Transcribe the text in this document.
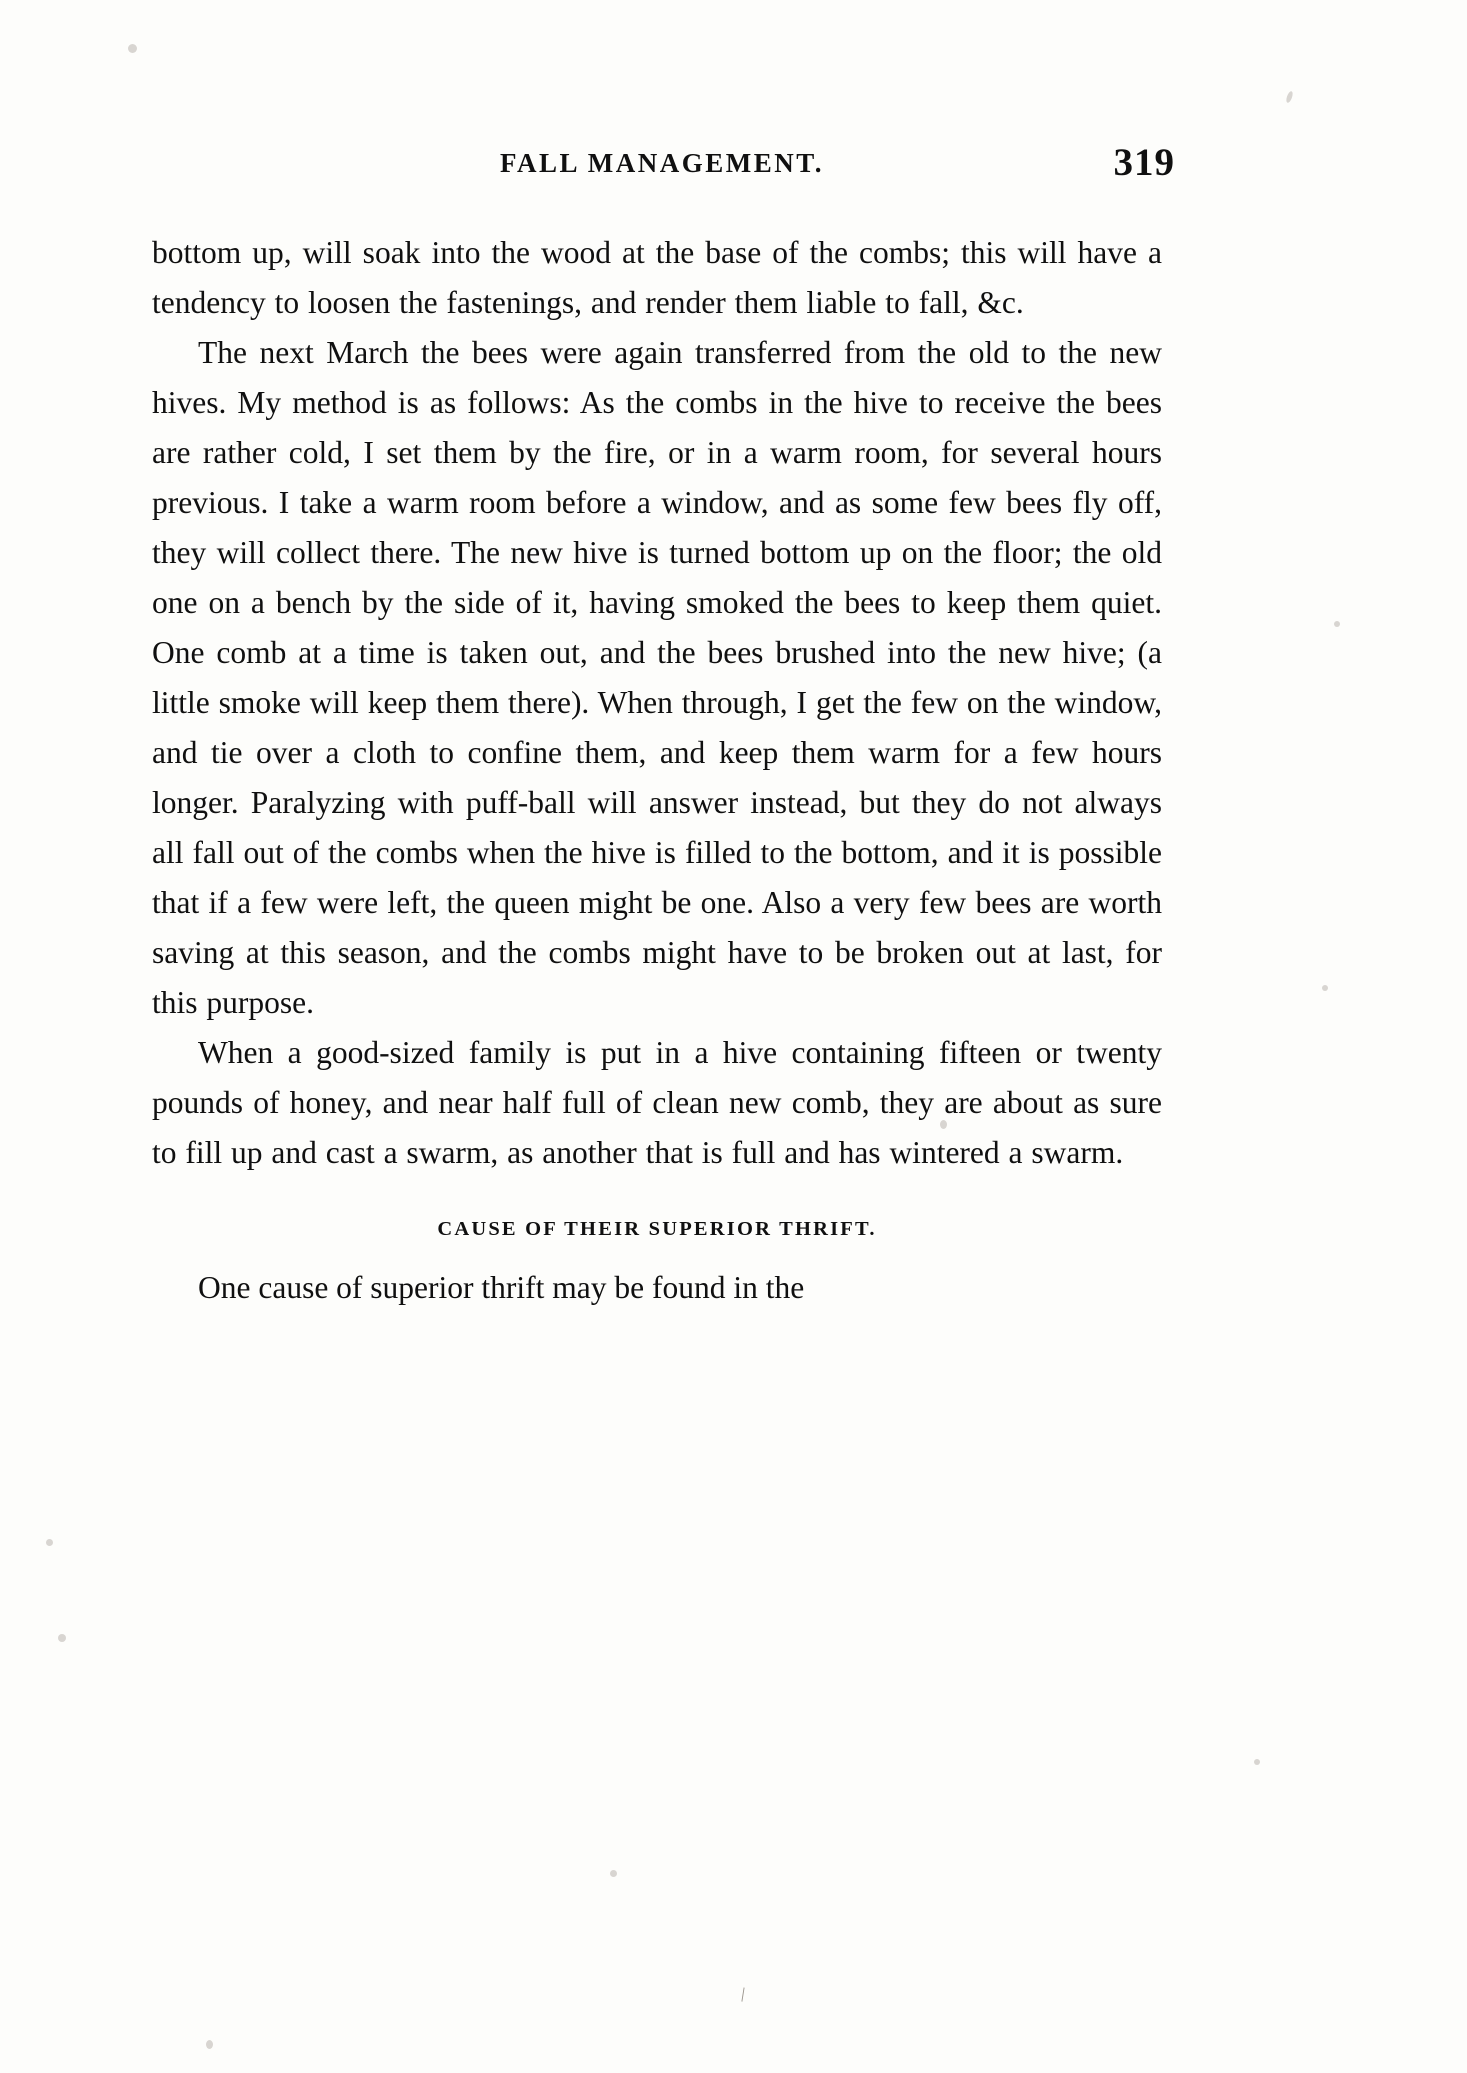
FALL MANAGEMENT.	319

bottom up, will soak into the wood at the base of the combs; this will have a tendency to loosen the fastenings, and render them liable to fall, &c.

The next March the bees were again transferred from the old to the new hives. My method is as follows: As the combs in the hive to receive the bees are rather cold, I set them by the fire, or in a warm room, for several hours previous. I take a warm room before a window, and as some few bees fly off, they will collect there. The new hive is turned bottom up on the floor; the old one on a bench by the side of it, having smoked the bees to keep them quiet. One comb at a time is taken out, and the bees brushed into the new hive; (a little smoke will keep them there). When through, I get the few on the window, and tie over a cloth to confine them, and keep them warm for a few hours longer. Paralyzing with puff-ball will answer instead, but they do not always all fall out of the combs when the hive is filled to the bottom, and it is possible that if a few were left, the queen might be one. Also a very few bees are worth saving at this season, and the combs might have to be broken out at last, for this purpose.

When a good-sized family is put in a hive containing fifteen or twenty pounds of honey, and near half full of clean new comb, they are about as sure to fill up and cast a swarm, as another that is full and has wintered a swarm.

CAUSE OF THEIR SUPERIOR THRIFT.

One cause of superior thrift may be found in the

\
